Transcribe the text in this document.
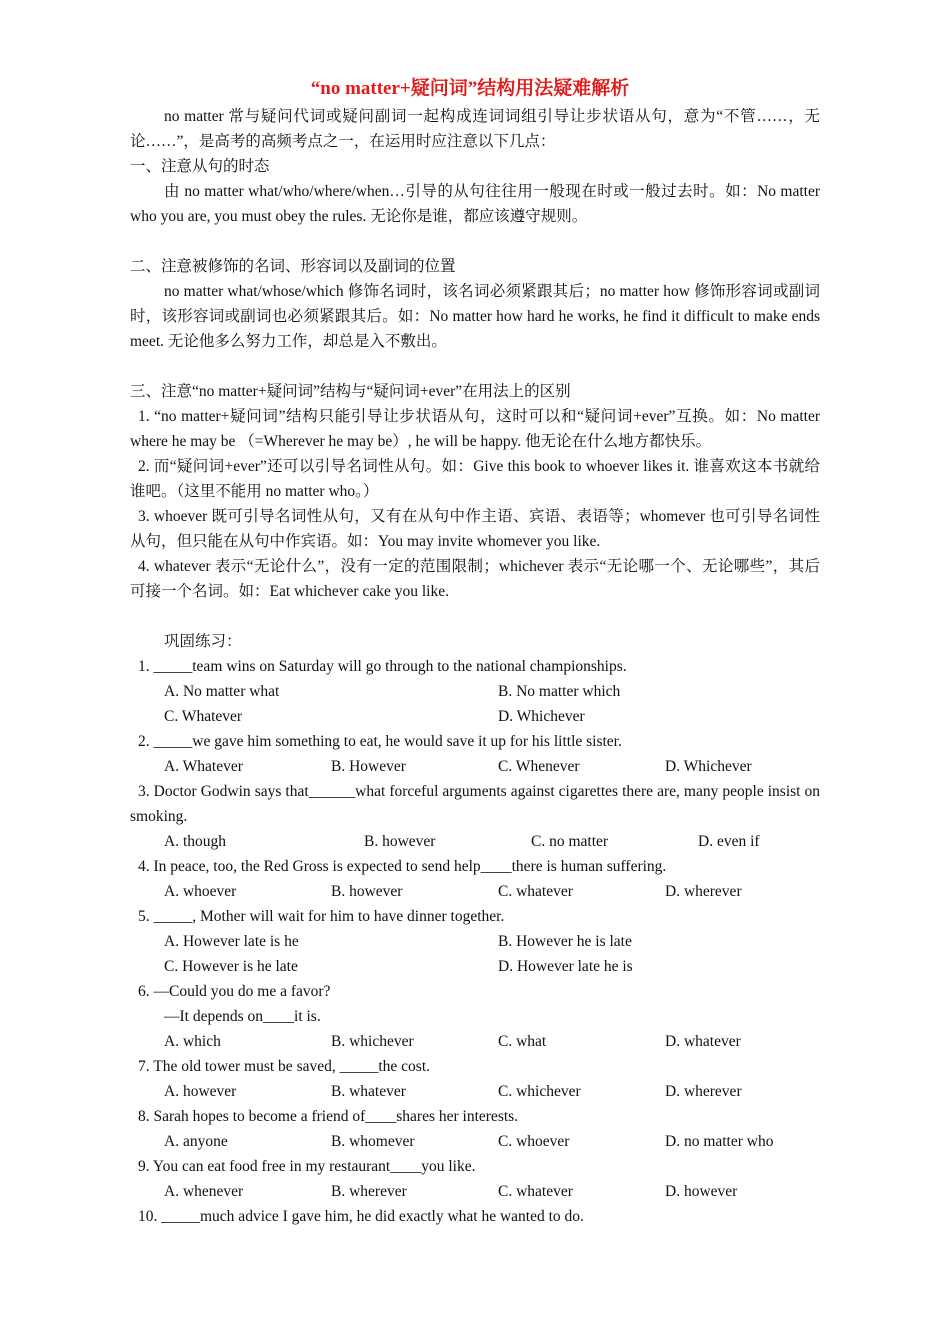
“no matter+疑问词”结构用法疑难解析
no matter 常与疑问代词或疑问副词一起构成连词词组引导让步状语从句，意为“不管……，无论……”，是高考的高频考点之一，在运用时应注意以下几点：
一、注意从句的时态
由 no matter what/who/where/when…引导的从句往往用一般现在时或一般过去时。如：No matter who you are, you must obey the rules. 无论你是谁，都应该遵守规则。
二、注意被修饰的名词、形容词以及副词的位置
no matter what/whose/which 修饰名词时，该名词必须紧跟其后；no matter how 修饰形容词或副词时，该形容词或副词也必须紧跟其后。如：No matter how hard he works, he find it difficult to make ends meet. 无论他多么努力工作，却总是入不敷出。
三、注意“no matter+疑问词”结构与“疑问词+ever”在用法上的区别
1. “no matter+疑问词”结构只能引导让步状语从句，这时可以和“疑问词+ever”互换。如：No matter where he may be （=Wherever he may be）, he will be happy. 他无论在什么地方都快乐。
2. 而“疑问词+ever”还可以引导名词性从句。如：Give this book to whoever likes it. 谁喜欢这本书就给谁吧。（这里不能用 no matter who。）
3. whoever 既可引导名词性从句，又有在从句中作主语、宾语、表语等；whomever 也可引导名词性从句，但只能在从句中作宾语。如：You may invite whomever you like.
4. whatever 表示“无论什么”，没有一定的范围限制；whichever 表示“无论哪一个、无论哪些”，其后可接一个名词。如：Eat whichever cake you like.
巩固练习：
1. _____team wins on Saturday will go through to the national championships.
A. No matter what	B. No matter which
C. Whatever	D. Whichever
2. _____we gave him something to eat, he would save it up for his little sister.
A. Whatever	B. However	C. Whenever	D. Whichever
3. Doctor Godwin says that______what forceful arguments against cigarettes there are, many people insist on smoking.
A. though	B. however	C. no matter	D. even if
4. In peace, too, the Red Gross is expected to send help____there is human suffering.
A. whoever	B. however	C. whatever	D. wherever
5. _____, Mother will wait for him to have dinner together.
A. However late is he	B. However he is late
C. However is he late	D. However late he is
6. —Could you do me a favor?
—It depends on____it is.
A. which	B. whichever	C. what	D. whatever
7. The old tower must be saved, _____the cost.
A. however	B. whatever	C. whichever	D. wherever
8. Sarah hopes to become a friend of____shares her interests.
A. anyone	B. whomever	C. whoever	D. no matter who
9. You can eat food free in my restaurant____you like.
A. whenever	B. wherever	C. whatever	D. however
10. _____much advice I gave him, he did exactly what he wanted to do.
